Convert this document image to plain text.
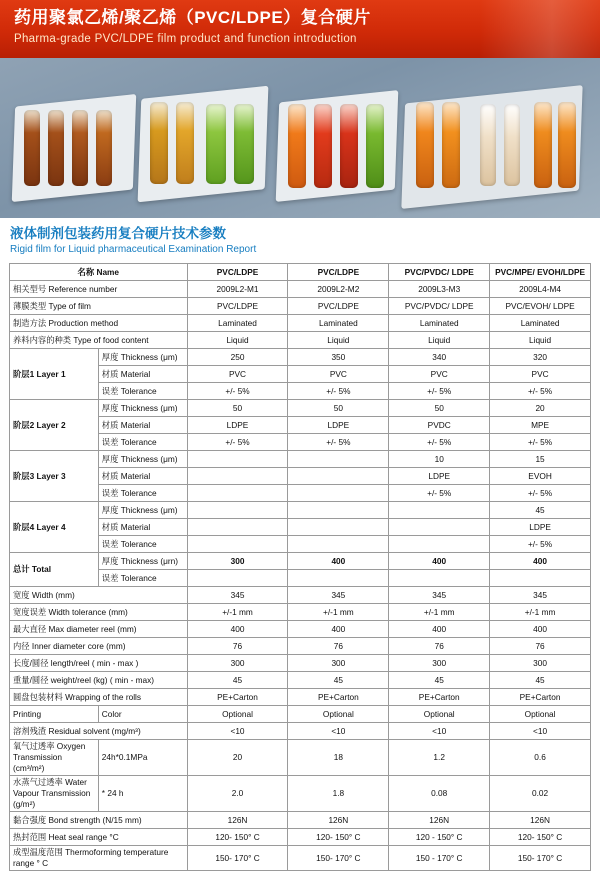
药用聚氯乙烯/聚乙烯（PVC/LDPE）复合硬片
Pharma-grade PVC/LDPE film product and function introduction
液体制剂包装药用复合硬片技术参数
Rigid film for Liquid pharmaceutical Examination Report
名称 Name		PVC/LDPE	PVC/LDPE	PVC/PVDC/ LDPE	PVC/MPE/ EVOH/LDPE
相关型号 Reference number		2009L2-M1	2009L2-M2	2009L3-M3	2009L4-M4
薄膜类型 Type of film		PVC/LDPE	PVC/LDPE	PVC/PVDC/ LDPE	PVC/EVOH/ LDPE
制造方法 Production method		Laminated	Laminated	Laminated	Laminated
养料内容的种类 Type of food content		Liquid	Liquid	Liquid	Liquid
阶层1 Layer 1	厚度 Thickness (μm)	250	350	340	320
	材质 Material	PVC	PVC	PVC	PVC
	误差 Tolerance	+/- 5%	+/- 5%	+/- 5%	+/- 5%
阶层2 Layer 2	厚度 Thickness (μm)	50	50	50	20
	材质 Material	LDPE	LDPE	PVDC	MPE
	误差 Tolerance	+/- 5%	+/- 5%	+/- 5%	+/- 5%
阶层3 Layer 3	厚度 Thickness (μm)			10	15
	材质 Material			LDPE	EVOH
	误差 Tolerance			+/- 5%	+/- 5%
阶层4 Layer 4	厚度 Thickness (μm)				45
	材质 Material				LDPE
	误差 Tolerance				+/- 5%
总计 Total	厚度 Thickness (μrn)	300	400	400	400
	误差 Tolerance				
宽度 Width (mm)		345	345	345	345
宽度误差 Width tolerance (mm)		+/-1 mm	+/-1 mm	+/-1 mm	+/-1 mm
最大直径 Max diameter reel (mm)		400	400	400	400
内径 Inner diameter core (mm)		76	76	76	76
长度/圆径 length/reel ( min - max )		300	300	300	300
重量/圆径 weight/reel (kg) ( min - max)		45	45	45	45
圆盘包装材料 Wrapping of the rolls		PE+Carton	PE+Carton	PE+Carton	PE+Carton
Printing	Color	Optional	Optional	Optional	Optional
溶剂残渣 Residual solvent (mg/m³)		<10	<10	<10	<10
氧气过透率 Oxygen Transmission (cm³/m²)	24h*0.1MPa	20	18	1.2	0.6
水蒸气过透率 Water Vapour Transmission (g/m²)	* 24 h	2.0	1.8	0.08	0.02
黏合强度 Bond strength (N/15 mm)		126N	126N	126N	126N
热封范围 Heat seal range °C		120- 150° C	120- 150° C	120 - 150° C	120- 150° C
成型温度范围 Thermoforming temperature range ° C		150- 170° C	150- 170° C	150 - 170° C	150- 170° C
